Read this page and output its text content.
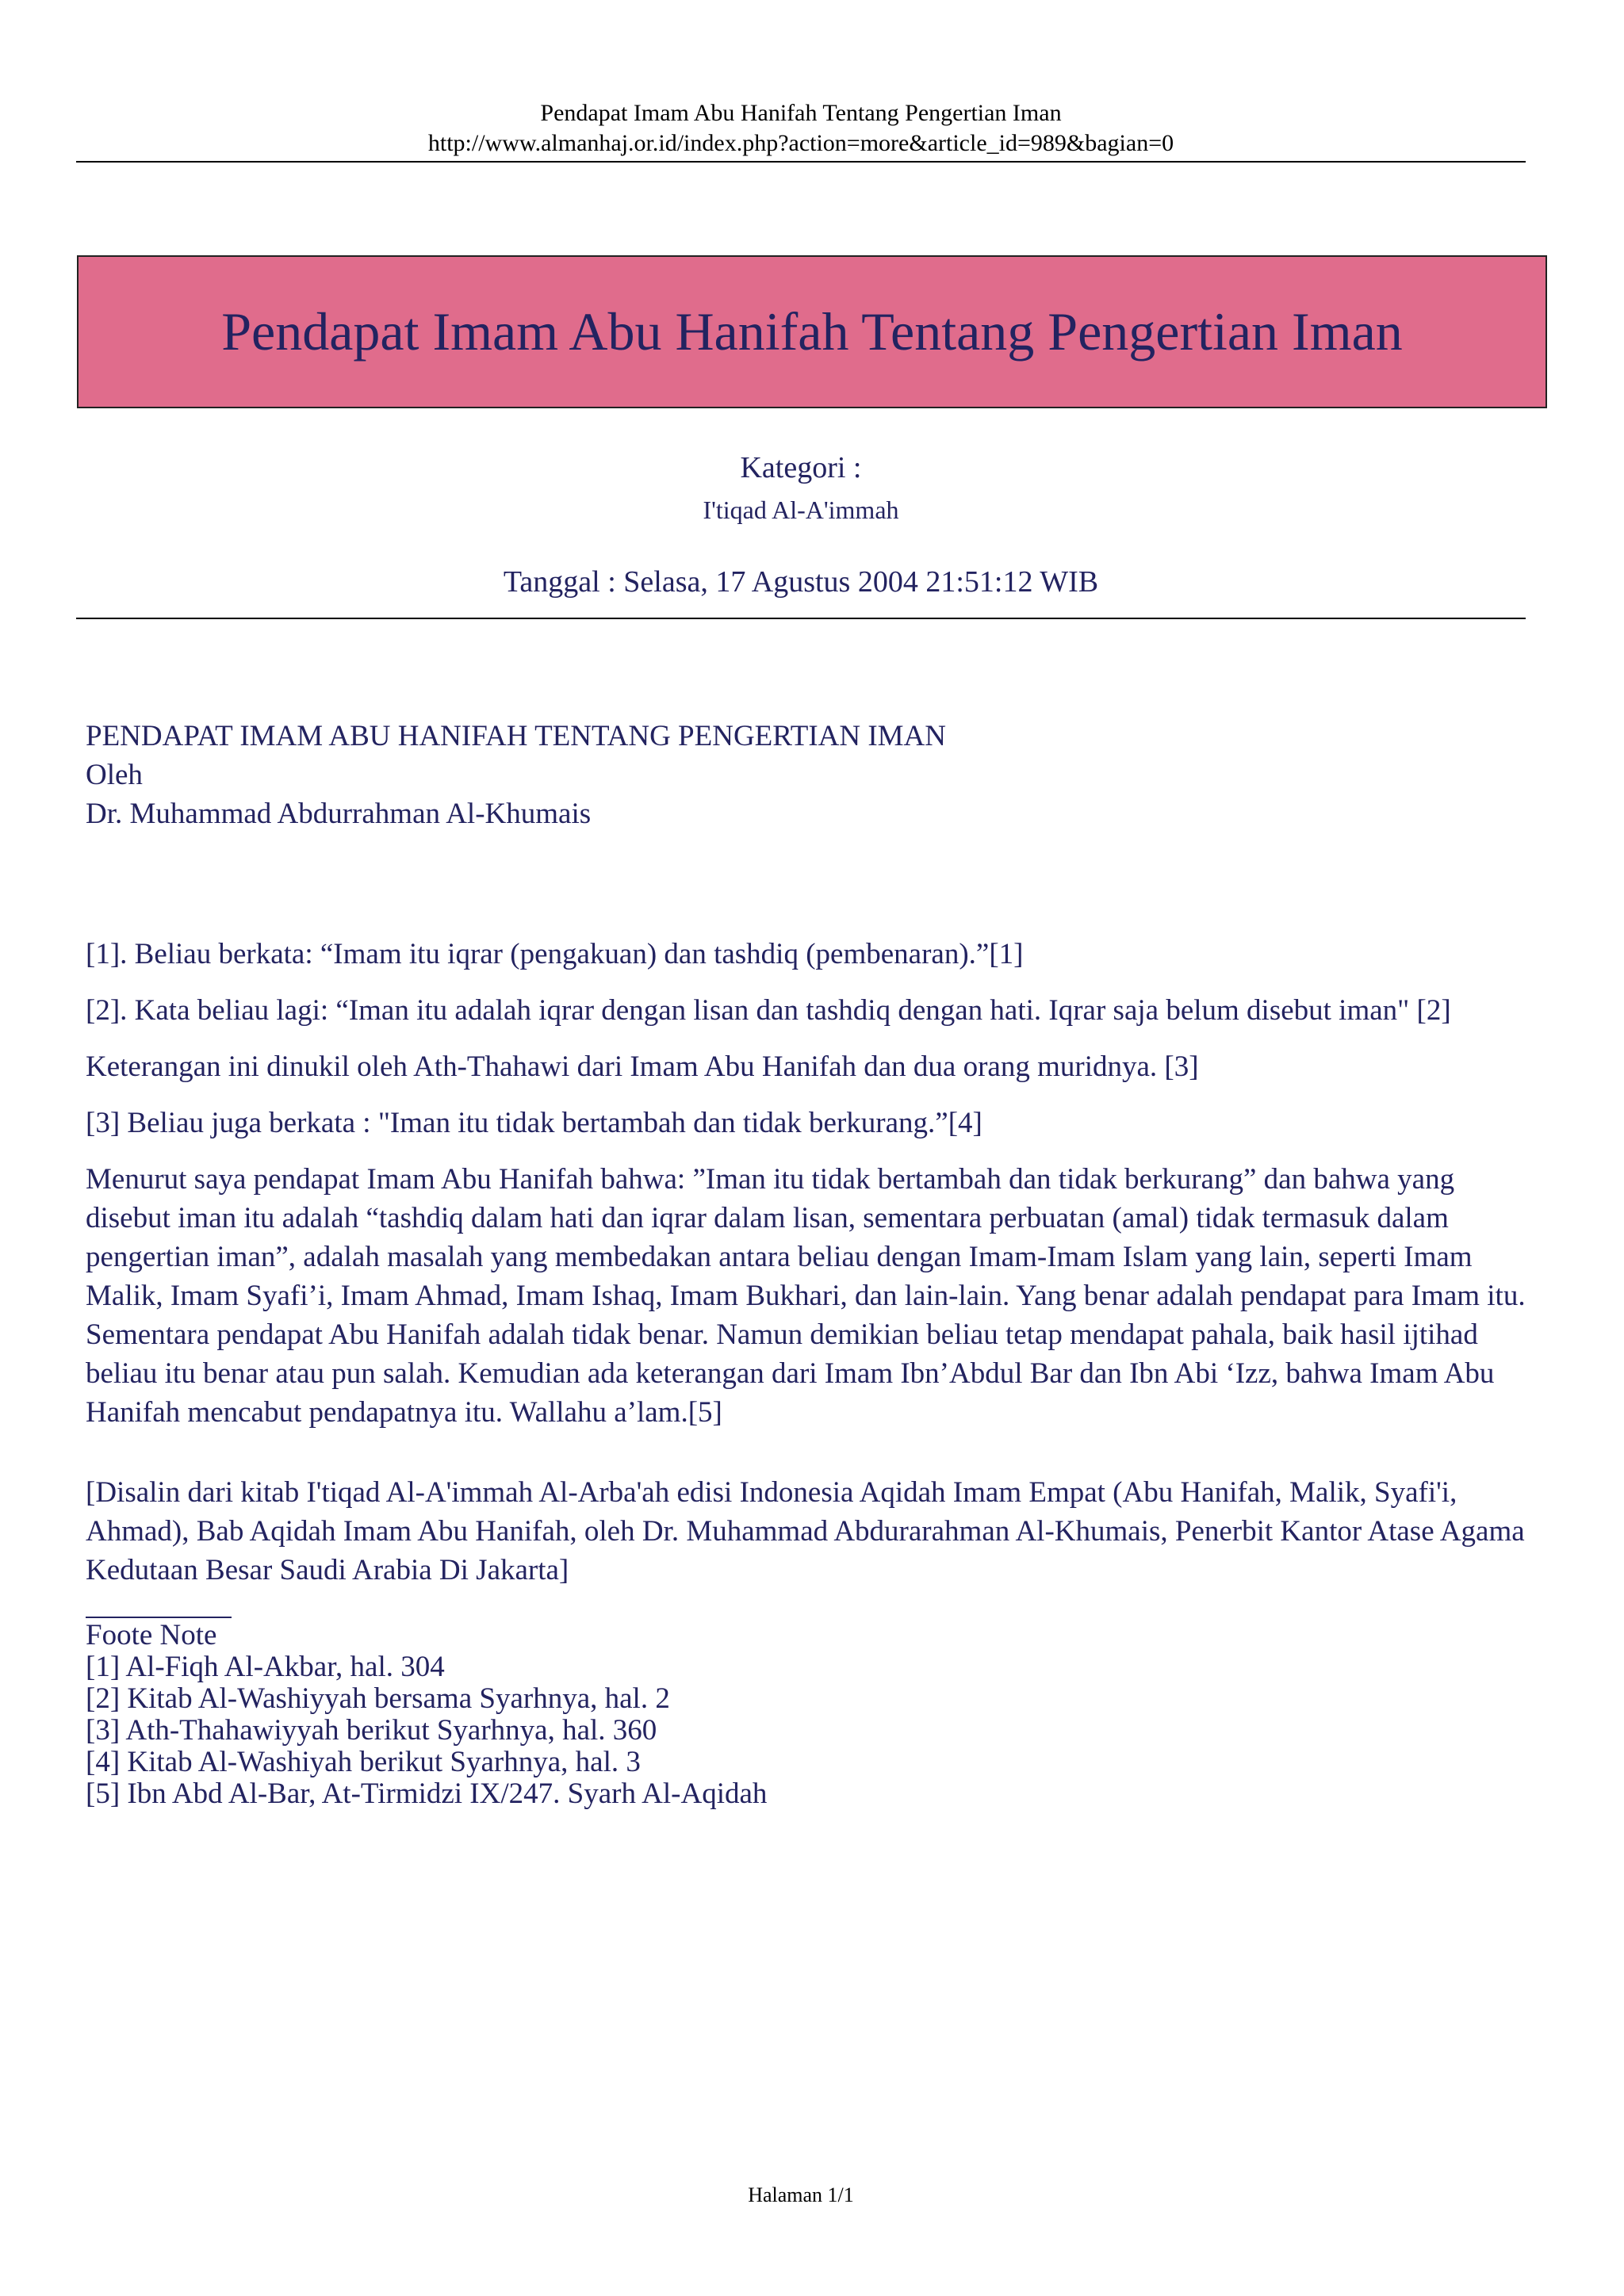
Pendapat Imam Abu Hanifah Tentang Pengertian Iman
http://www.almanhaj.or.id/index.php?action=more&article_id=989&bagian=0
Pendapat Imam Abu Hanifah Tentang Pengertian Iman
Kategori :
I'tiqad Al-A'immah
Tanggal : Selasa, 17 Agustus 2004 21:51:12 WIB

PENDAPAT IMAM ABU HANIFAH TENTANG PENGERTIAN IMAN

Oleh
Dr. Muhammad Abdurrahman Al-Khumais

[1]. Beliau berkata: “Imam itu iqrar (pengakuan) dan tashdiq (pembenaran).”[1]

[2]. Kata beliau lagi: “Iman itu adalah iqrar dengan lisan dan tashdiq dengan hati. Iqrar saja belum disebut iman" [2]

Keterangan ini dinukil oleh Ath-Thahawi dari Imam Abu Hanifah dan dua orang muridnya. [3]

[3] Beliau juga berkata : "Iman itu tidak bertambah dan tidak berkurang.”[4]

Menurut saya pendapat Imam Abu Hanifah bahwa: ”Iman itu tidak bertambah dan tidak berkurang” dan bahwa yang disebut iman itu adalah “tashdiq dalam hati dan iqrar dalam lisan, sementara perbuatan (amal) tidak termasuk dalam pengertian iman”, adalah masalah yang membedakan antara beliau dengan Imam-Imam Islam yang lain, seperti Imam Malik, Imam Syafi’i, Imam Ahmad, Imam Ishaq, Imam Bukhari, dan lain-lain. Yang benar adalah pendapat para Imam itu. Sementara pendapat Abu Hanifah adalah tidak benar. Namun demikian beliau tetap mendapat pahala, baik hasil ijtihad beliau itu benar atau pun salah. Kemudian ada keterangan dari Imam Ibn’Abdul Bar dan Ibn Abi ‘Izz, bahwa Imam Abu Hanifah mencabut pendapatnya itu. Wallahu a’lam.[5]

[Disalin dari kitab I'tiqad Al-A'immah Al-Arba'ah edisi Indonesia Aqidah Imam Empat (Abu Hanifah, Malik, Syafi'i, Ahmad), Bab Aqidah Imam Abu Hanifah, oleh Dr. Muhammad Abdurarahman Al-Khumais, Penerbit Kantor Atase Agama Kedutaan Besar Saudi Arabia Di Jakarta]

Foote Note
[1] Al-Fiqh Al-Akbar, hal. 304
[2] Kitab Al-Washiyyah bersama Syarhnya, hal. 2
[3] Ath-Thahawiyyah berikut Syarhnya, hal. 360
[4] Kitab Al-Washiyah berikut Syarhnya, hal. 3
[5] Ibn Abd Al-Bar, At-Tirmidzi IX/247. Syarh Al-Aqidah
Halaman 1/1
